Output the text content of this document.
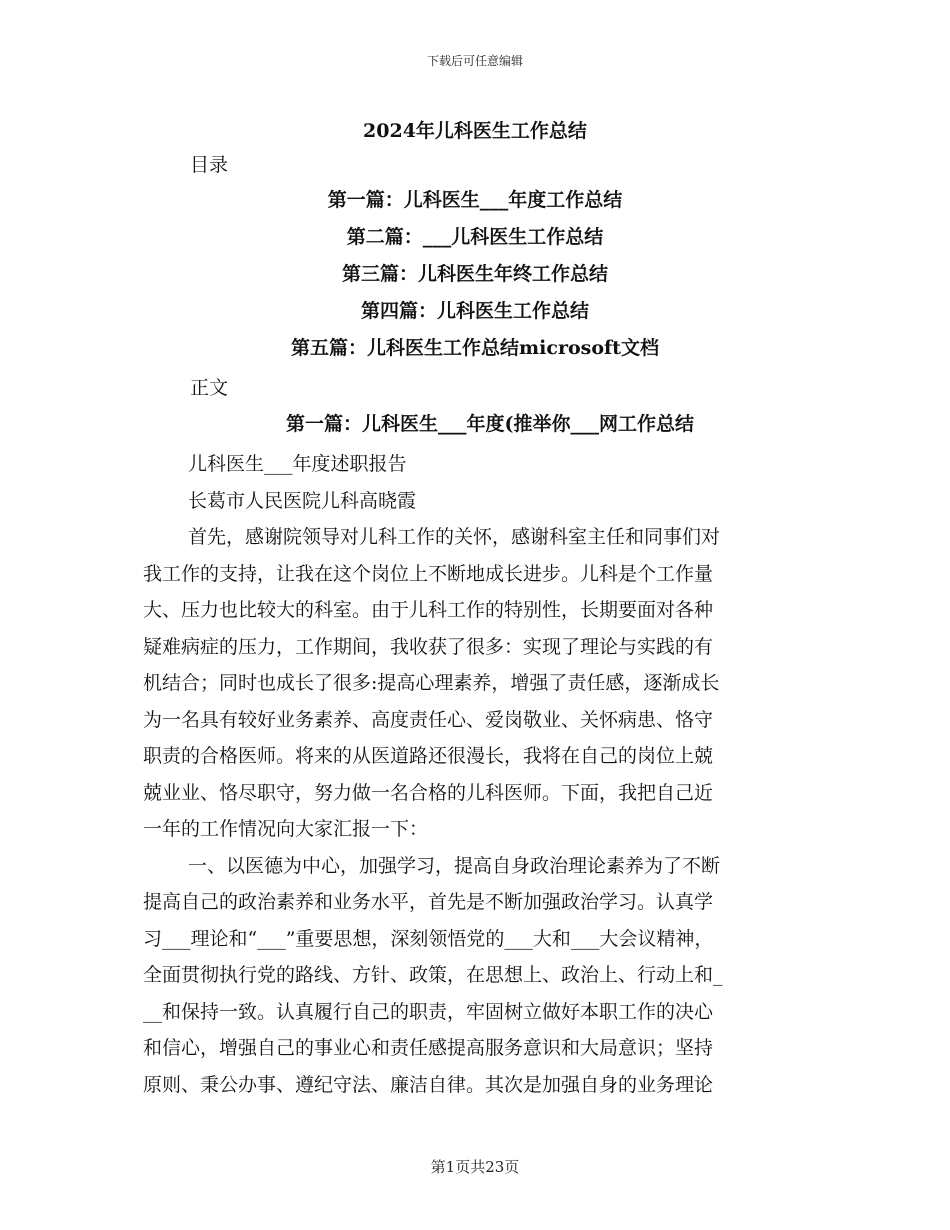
下载后可任意编辑
2024年儿科医生工作总结
目录
第一篇：儿科医生___年度工作总结
第二篇：___儿科医生工作总结
第三篇：儿科医生年终工作总结
第四篇：儿科医生工作总结
第五篇：儿科医生工作总结microsoft文档
正文
第一篇：儿科医生___年度(推举你___网工作总结
儿科医生___年度述职报告
长葛市人民医院儿科高晓霞
首先，感谢院领导对儿科工作的关怀，感谢科室主任和同事们对
我工作的支持，让我在这个岗位上不断地成长进步。儿科是个工作量
大、压力也比较大的科室。由于儿科工作的特别性，长期要面对各种
疑难病症的压力，工作期间，我收获了很多：实现了理论与实践的有
机结合；同时也成长了很多:提高心理素养，增强了责任感，逐渐成长
为一名具有较好业务素养、高度责任心、爱岗敬业、关怀病患、恪守
职责的合格医师。将来的从医道路还很漫长，我将在自己的岗位上兢
兢业业、恪尽职守，努力做一名合格的儿科医师。下面，我把自己近
一年的工作情况向大家汇报一下：
一、以医德为中心，加强学习，提高自身政治理论素养为了不断
提高自己的政治素养和业务水平，首先是不断加强政治学习。认真学
习___理论和“___”重要思想，深刻领悟党的___大和___大会议精神，
全面贯彻执行党的路线、方针、政策，在思想上、政治上、行动上和_
__和保持一致。认真履行自己的职责，牢固树立做好本职工作的决心
和信心，增强自己的事业心和责任感提高服务意识和大局意识；坚持
原则、秉公办事、遵纪守法、廉洁自律。其次是加强自身的业务理论
第1页共23页
